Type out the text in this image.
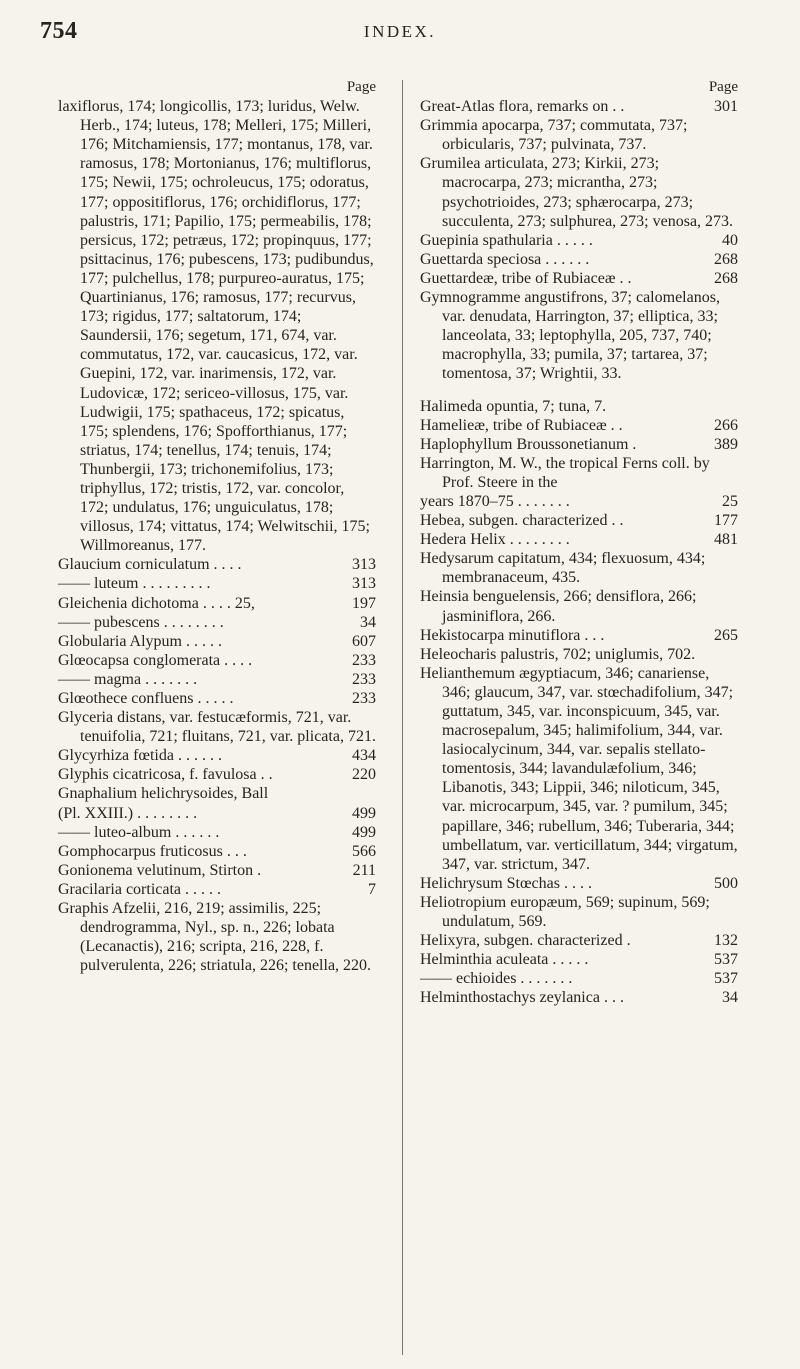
754	INDEX.
Page
laxiflorus, 174; longicollis, 173; luridus, Welw. Herb., 174; luteus, 178; Melleri, 175; Milleri, 176; Mitchamiensis, 177; montanus, 178, var. ramosus, 178; Mortonianus, 176; multiflorus, 175; Newii, 175; ochroleucus, 175; odoratus, 177; oppositiflorus, 176; orchidiflorus, 177; palustris, 171; Papilio, 175; permeabilis, 178; persicus, 172; petræus, 172; propinquus, 177; psittacinus, 176; pubescens, 173; pudibundus, 177; pulchellus, 178; purpureo-auratus, 175; Quartinianus, 176; ramosus, 177; recurvus, 173; rigidus, 177; saltatorum, 174; Saundersii, 176; segetum, 171, 674, var. commutatus, 172, var. caucasicus, 172, var. Guepini, 172, var. inarimensis, 172, var. Ludovicæ, 172; sericeo-villosus, 175, var. Ludwigii, 175; spathaceus, 172; spicatus, 175; splendens, 176; Spofforthianus, 177; striatus, 174; tenellus, 174; tenuis, 174; Thunbergii, 173; trichonemifolius, 173; triphyllus, 172; tristis, 172, var. concolor, 172; undulatus, 176; unguiculatus, 178; villosus, 174; vittatus, 174; Welwitschii, 175; Willmoreanus, 177.
Glaucium corniculatum . . . .	313
—— luteum . . . . . . . . .	313
Gleichenia dichotoma . . . . 25,	197
—— pubescens . . . . . . . .	34
Globularia Alypum . . . . .	607
Glœocapsa conglomerata . . . .	233
—— magma . . . . . . .	233
Glœothece confluens . . . . .	233
Glyceria distans, var. festucæformis, 721, var. tenuifolia, 721; fluitans, 721, var. plicata, 721.
Glycyrhiza fœtida . . . . . .	434
Glyphis cicatricosa, f. favulosa . .	220
Gnaphalium helichrysoides, Ball
(Pl. XXIII.) . . . . . . . .	499
—— luteo-album . . . . . .	499
Gomphocarpus fruticosus . . .	566
Gonionema velutinum, Stirton .	211
Gracilaria corticata . . . . .	7
Graphis Afzelii, 216, 219; assimilis, 225; dendrogramma, Nyl., sp. n., 226; lobata (Lecanactis), 216; scripta, 216, 228, f. pulverulenta, 226; striatula, 226; tenella, 220.
Page
Great-Atlas flora, remarks on . .	301
Grimmia apocarpa, 737; commutata, 737; orbicularis, 737; pulvinata, 737.
Grumilea articulata, 273; Kirkii, 273; macrocarpa, 273; micrantha, 273; psychotrioides, 273; sphærocarpa, 273; succulenta, 273; sulphurea, 273; venosa, 273.
Guepinia spathularia . . . . .	40
Guettarda speciosa . . . . . .	268
Guettardeæ, tribe of Rubiaceæ . .	268
Gymnogramme angustifrons, 37; calomelanos, var. denudata, Harrington, 37; elliptica, 33; lanceolata, 33; leptophylla, 205, 737, 740; macrophylla, 33; pumila, 37; tartarea, 37; tomentosa, 37; Wrightii, 33.
Halimeda opuntia, 7; tuna, 7.
Hameliеæ, tribe of Rubiaceæ . .	266
Haplophyllum Broussonetianum .	389
Harrington, M. W., the tropical Ferns coll. by Prof. Steere in the
years 1870–75 . . . . . . .	25
Hebea, subgen. characterized . .	177
Hedera Helix . . . . . . . .	481
Hedysarum capitatum, 434; flexuosum, 434; membranaceum, 435.
Heinsia benguelensis, 266; densiflora, 266; jasminiflora, 266.
Hekistocarpa minutiflora . . .	265
Heleocharis palustris, 702; uniglumis, 702.
Helianthemum ægyptiacum, 346; canariense, 346; glaucum, 347, var. stœchadifolium, 347; guttatum, 345, var. inconspicuum, 345, var. macrosepalum, 345; halimifolium, 344, var. lasiocalycinum, 344, var. sepalis stellato-tomentosis, 344; lavandulæfolium, 346; Libanotis, 343; Lippii, 346; niloticum, 345, var. microcarpum, 345, var. ? pumilum, 345; papillare, 346; rubellum, 346; Tuberaria, 344; umbellatum, var. verticillatum, 344; virgatum, 347, var. strictum, 347.
Helichrysum Stœchas . . . .	500
Heliotropium europæum, 569; supinum, 569; undulatum, 569.
Helixyra, subgen. characterized .	132
Helminthia aculeata . . . . .	537
—— echioides . . . . . . .	537
Helminthostachys zeylanica . . .	34
